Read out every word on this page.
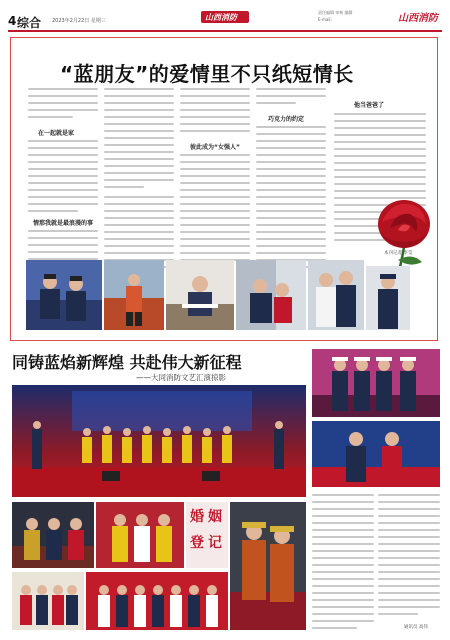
4 综合 2023年2月22日 星期三	山西消防
责任编辑 审核 编辑
E-mail:	山西消防
“蓝朋友”的爱情里不只纸短情长
在一起就是家
情那我就是最浪漫的事
彼此成为“女强人”
巧克力的约定
他当爸爸了
本刊记者 李莹
同铸蓝焰新辉煌 共赴伟大新征程
——大同消防文艺汇演掠影
婚 姻
登 记
通讯员 高伟
